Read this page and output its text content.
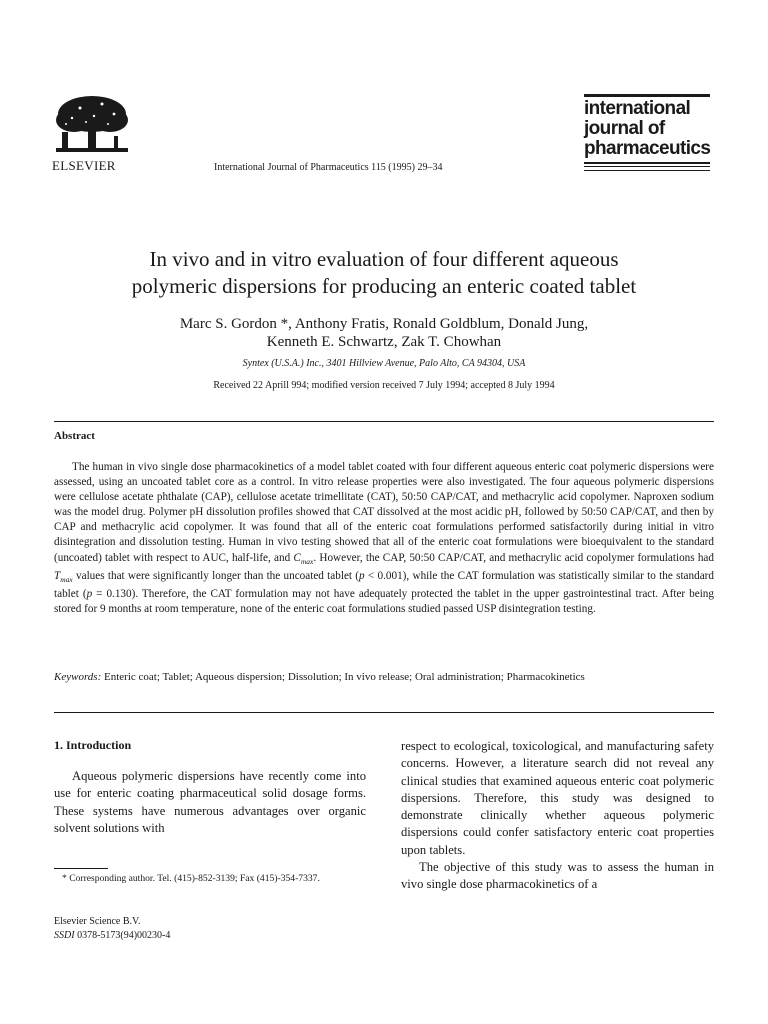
ELSEVIER	International Journal of Pharmaceutics 115 (1995) 29–34
international
journal of
pharmaceutics
In vivo and in vitro evaluation of four different aqueous
polymeric dispersions for producing an enteric coated tablet
Marc S. Gordon *, Anthony Fratis, Ronald Goldblum, Donald Jung,
Kenneth E. Schwartz, Zak T. Chowhan
Syntex (U.S.A.) Inc., 3401 Hillview Avenue, Palo Alto, CA 94304, USA
Received 22 Aprill 994; modified version received 7 July 1994; accepted 8 July 1994
Abstract

The human in vivo single dose pharmacokinetics of a model tablet coated with four different aqueous enteric coat polymeric dispersions were assessed, using an uncoated tablet core as a control. In vitro release properties were also investigated. The four aqueous polymeric dispersions were cellulose acetate phthalate (CAP), cellulose acetate trimellitate (CAT), 50:50 CAP/CAT, and methacrylic acid copolymer. Naproxen sodium was the model drug. Polymer pH dissolution profiles showed that CAT dissolved at the most acidic pH, followed by 50:50 CAP/CAT, and then by CAP and methacrylic acid copolymer. It was found that all of the enteric coat formulations performed satisfactorily during initial in vitro disintegration and dissolution testing. Human in vivo testing showed that all of the enteric coat formulations were bioequivalent to the standard (uncoated) tablet with respect to AUC, half-life, and $C_{max}$. However, the CAP, 50:50 CAP/CAT, and methacrylic acid copolymer formulations had $T_{max}$ values that were significantly longer than the uncoated tablet (p < 0.001), while the CAT formulation was statistically similar to the standard tablet (p = 0.130). Therefore, the CAT formulation may not have adequately protected the tablet in the upper gastrointestinal tract. After being stored for 9 months at room temperature, none of the enteric coat formulations studied passed USP disintegration testing.

Keywords: Enteric coat; Tablet; Aqueous dispersion; Dissolution; In vivo release; Oral administration; Pharmacokinetics
1. Introduction

Aqueous polymeric dispersions have recently come into use for enteric coating pharmaceutical solid dosage forms. These systems have numerous advantages over organic solvent solutions with

respect to ecological, toxicological, and manufacturing safety concerns. However, a literature search did not reveal any clinical studies that examined aqueous enteric coat polymeric dispersions. Therefore, this study was designed to demonstrate clinically whether aqueous polymeric dispersions could confer satisfactory enteric coat properties upon tablets.
The objective of this study was to assess the human in vivo single dose pharmacokinetics of a

* Corresponding author. Tel. (415)-852-3139; Fax (415)-354-7337.
Elsevier Science B.V.
SSDI 0378-5173(94)00230-4
